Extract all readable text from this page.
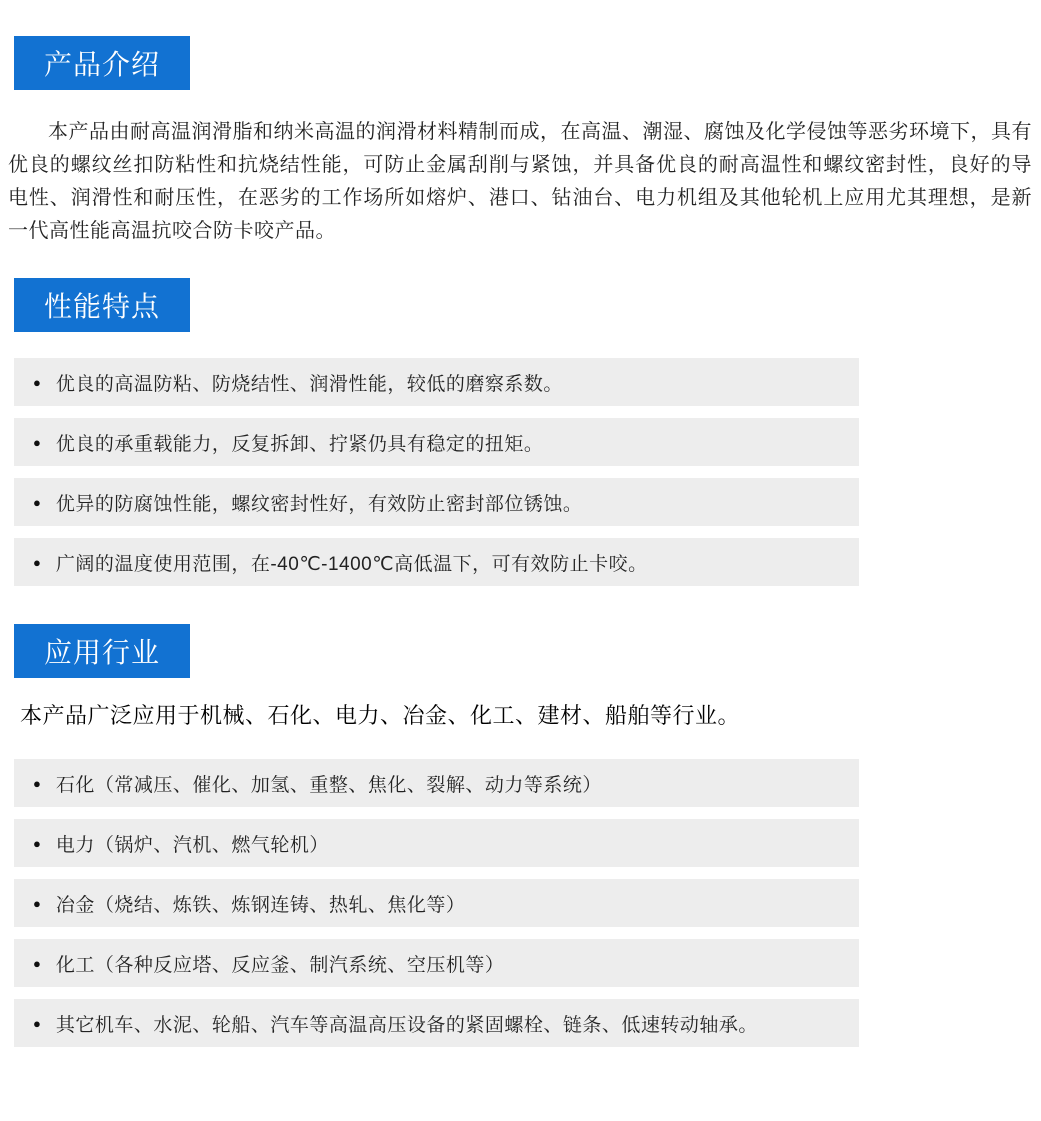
产品介绍

本产品由耐高温润滑脂和纳米高温的润滑材料精制而成，在高温、潮湿、腐蚀及化学侵蚀等恶劣环境下，具有优良的螺纹丝扣防粘性和抗烧结性能，可防止金属刮削与紧蚀，并具备优良的耐高温性和螺纹密封性，良好的导电性、润滑性和耐压性，在恶劣的工作场所如熔炉、港口、钻油台、电力机组及其他轮机上应用尤其理想，是新一代高性能高温抗咬合防卡咬产品。

性能特点
● 优良的高温防粘、防烧结性、润滑性能，较低的磨察系数。
● 优良的承重载能力，反复拆卸、拧紧仍具有稳定的扭矩。
● 优异的防腐蚀性能，螺纹密封性好，有效防止密封部位锈蚀。
● 广阔的温度使用范围，在-40℃-1400℃高低温下，可有效防止卡咬。
应用行业

本产品广泛应用于机械、石化、电力、冶金、化工、建材、船舶等行业。

● 石化（常减压、催化、加氢、重整、焦化、裂解、动力等系统）
● 电力（锅炉、汽机、燃气轮机）
● 冶金（烧结、炼铁、炼钢连铸、热轧、焦化等）
● 化工（各种反应塔、反应釜、制汽系统、空压机等）
● 其它机车、水泥、轮船、汽车等高温高压设备的紧固螺栓、链条、低速转动轴承。
